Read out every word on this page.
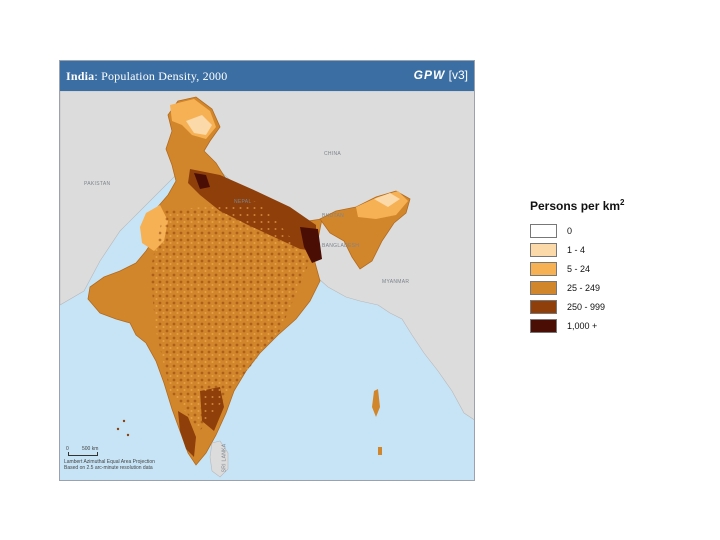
India: Population Density, 2000	GPW [v3]
CHINA
PAKISTAN
NEPAL
BHUTAN
BANGLADESH
MYANMAR
SRI LANKA
0	500 km
Lambert Azimuthal Equal Area Projection
Based on 2.5 arc-minute resolution data
Persons per $km^2$
0
1 - 4
5 - 24
25 - 249
250 - 999
1,000 +
